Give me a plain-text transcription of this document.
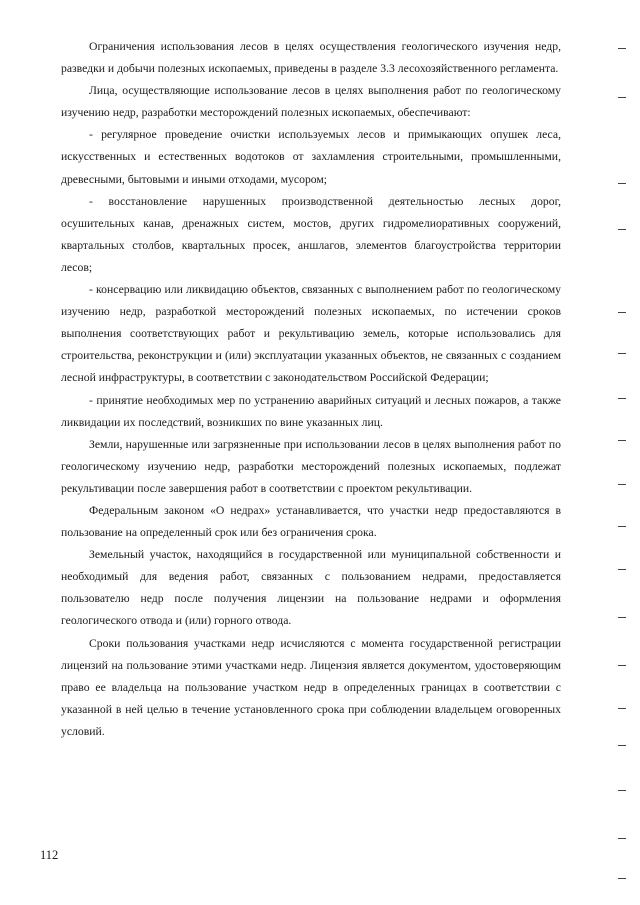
Ограничения использования лесов в целях осуществления геологического изучения недр, разведки и добычи полезных ископаемых, приведены в разделе 3.3 лесохозяйственного регламента.

Лица, осуществляющие использование лесов в целях выполнения работ по геологическому изучению недр, разработки месторождений полезных ископаемых, обеспечивают:

- регулярное проведение очистки используемых лесов и примыкающих опушек леса, искусственных и естественных водотоков от захламления строительными, промышленными, древесными, бытовыми и иными отходами, мусором;

- восстановление нарушенных производственной деятельностью лесных дорог, осушительных канав, дренажных систем, мостов, других гидромелиоративных сооружений, квартальных столбов, квартальных просек, аншлагов, элементов благоустройства территории лесов;

- консервацию или ликвидацию объектов, связанных с выполнением работ по геологическому изучению недр, разработкой месторождений полезных ископаемых, по истечении сроков выполнения соответствующих работ и рекультивацию земель, которые использовались для строительства, реконструкции и (или) эксплуатации указанных объектов, не связанных с созданием лесной инфраструктуры, в соответствии с законодательством Российской Федерации;

- принятие необходимых мер по устранению аварийных ситуаций и лесных пожаров, а также ликвидации их последствий, возникших по вине указанных лиц.

Земли, нарушенные или загрязненные при использовании лесов в целях выполнения работ по геологическому изучению недр, разработки месторождений полезных ископаемых, подлежат рекультивации после завершения работ в соответствии с проектом рекультивации.

Федеральным законом «О недрах» устанавливается, что участки недр предоставляются в пользование на определенный срок или без ограничения срока.

Земельный участок, находящийся в государственной или муниципальной собственности и необходимый для ведения работ, связанных с пользованием недрами, предоставляется пользователю недр после получения лицензии на пользование недрами и оформления геологического отвода и (или) горного отвода.

Сроки пользования участками недр исчисляются с момента государственной регистрации лицензий на пользование этими участками недр. Лицензия является документом, удостоверяющим право ее владельца на пользование участком недр в определенных границах в соответствии с указанной в ней целью в течение установленного срока при соблюдении владельцем оговоренных условий.

112
